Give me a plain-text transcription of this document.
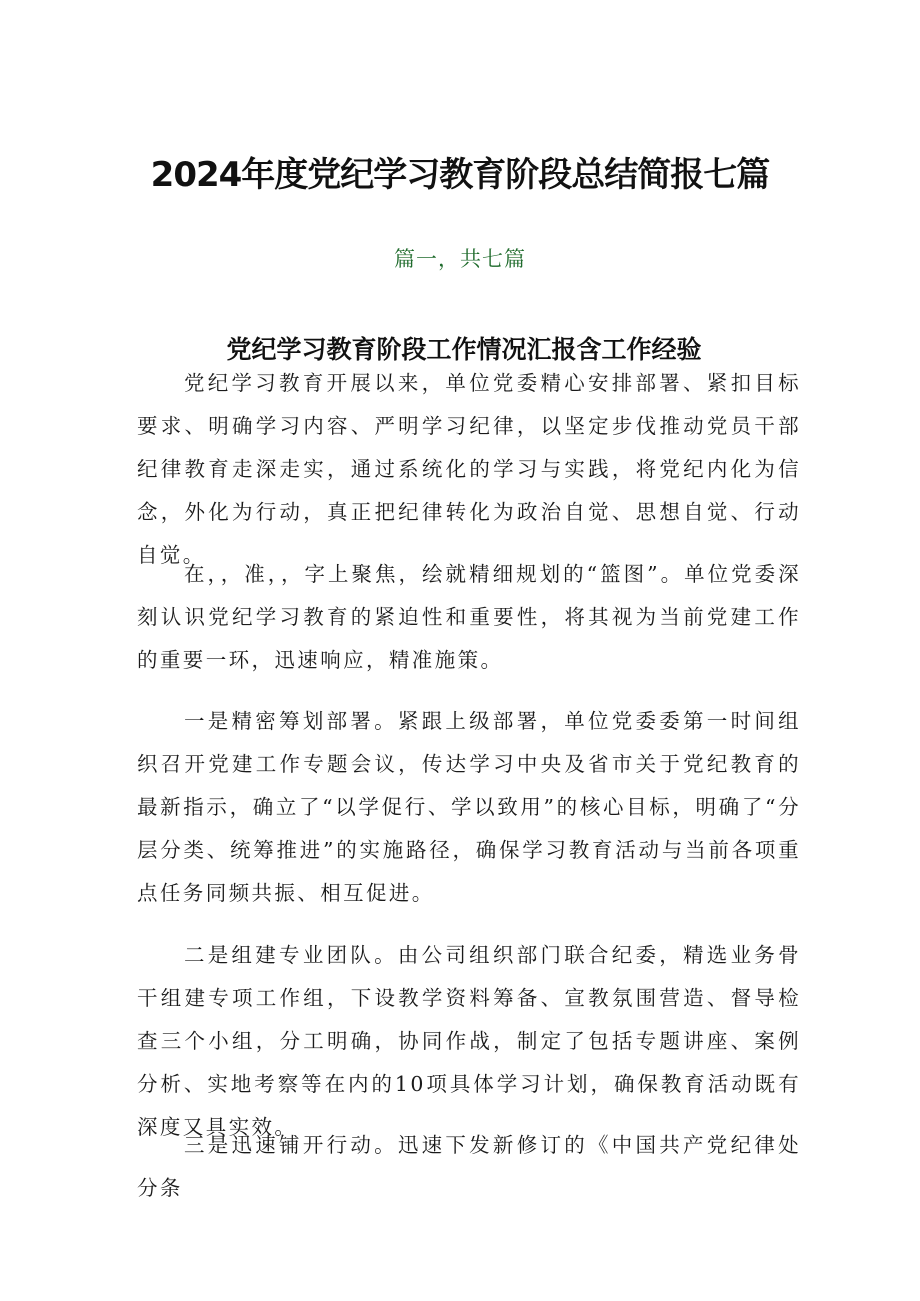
2024年度党纪学习教育阶段总结简报七篇
篇一，共七篇
党纪学习教育阶段工作情况汇报含工作经验

党纪学习教育开展以来，单位党委精心安排部署、紧扣目标要求、明确学习内容、严明学习纪律，以坚定步伐推动党员干部纪律教育走深走实，通过系统化的学习与实践，将党纪内化为信念，外化为行动，真正把纪律转化为政治自觉、思想自觉、行动自觉。

在，，准，，字上聚焦，绘就精细规划的“篮图”。单位党委深刻认识党纪学习教育的紧迫性和重要性，将其视为当前党建工作的重要一环，迅速响应，精准施策。

一是精密筹划部署。紧跟上级部署，单位党委委第一时间组织召开党建工作专题会议，传达学习中央及省市关于党纪教育的最新指示，确立了“以学促行、学以致用”的核心目标，明确了“分层分类、统筹推进”的实施路径，确保学习教育活动与当前各项重点任务同频共振、相互促进。

二是组建专业团队。由公司组织部门联合纪委，精选业务骨干组建专项工作组，下设教学资料筹备、宣教氛围营造、督导检查三个小组，分工明确，协同作战，制定了包括专题讲座、案例分析、实地考察等在内的10项具体学习计划，确保教育活动既有深度又具实效。

三是迅速铺开行动。迅速下发新修订的《中国共产党纪律处分条
